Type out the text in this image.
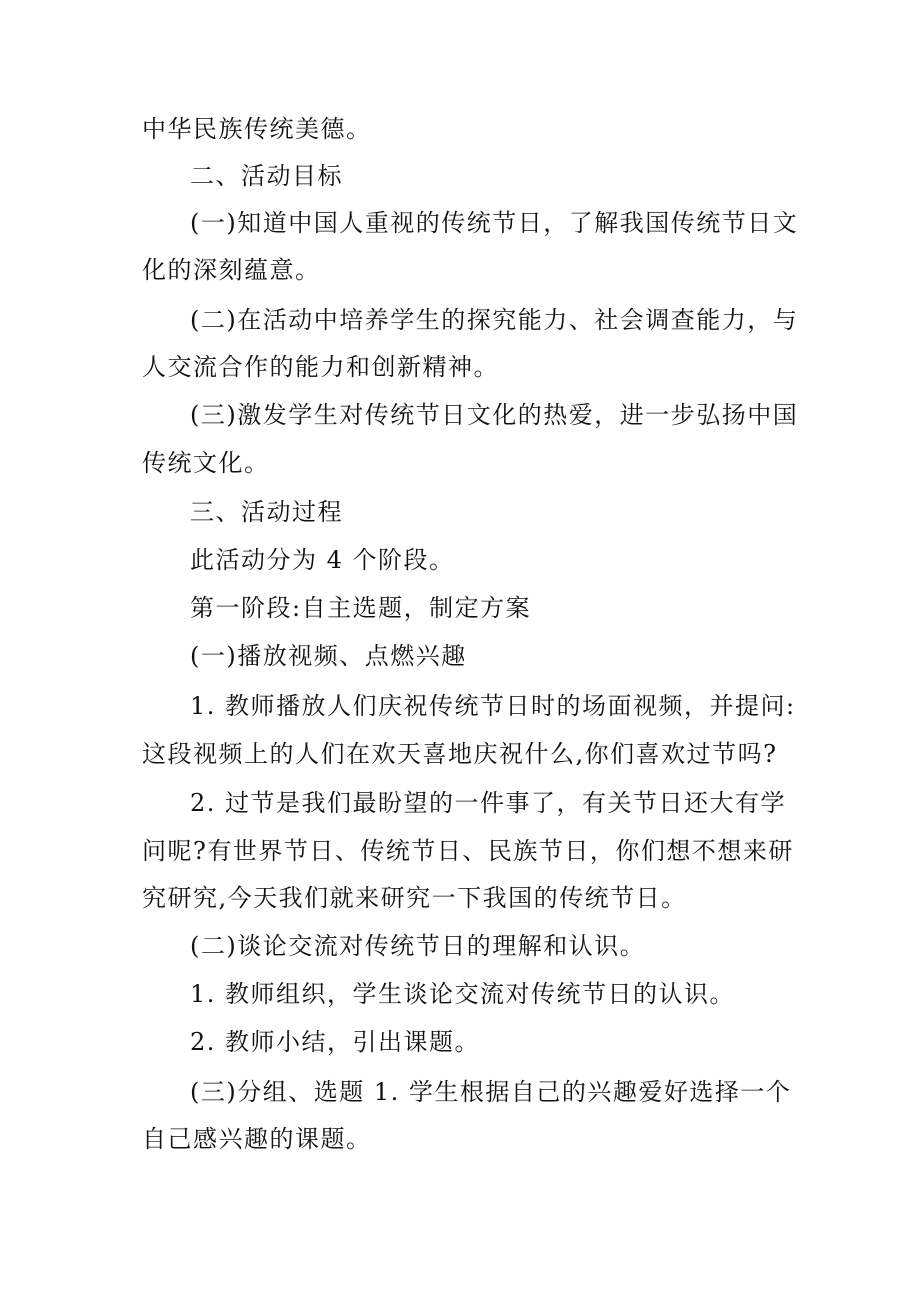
中华民族传统美德。
二、活动目标
(一)知道中国人重视的传统节日，了解我国传统节日文
化的深刻蕴意。
(二)在活动中培养学生的探究能力、社会调查能力，与
人交流合作的能力和创新精神。
(三)激发学生对传统节日文化的热爱，进一步弘扬中国
传统文化。
三、活动过程
此活动分为 4 个阶段。
第一阶段:自主选题，制定方案
(一)播放视频、点燃兴趣
1. 教师播放人们庆祝传统节日时的场面视频，并提问:
这段视频上的人们在欢天喜地庆祝什么,你们喜欢过节吗?
2. 过节是我们最盼望的一件事了，有关节日还大有学
问呢?有世界节日、传统节日、民族节日，你们想不想来研
究研究,今天我们就来研究一下我国的传统节日。
(二)谈论交流对传统节日的理解和认识。
1. 教师组织，学生谈论交流对传统节日的认识。
2. 教师小结，引出课题。
(三)分组、选题 1. 学生根据自己的兴趣爱好选择一个
自己感兴趣的课题。
